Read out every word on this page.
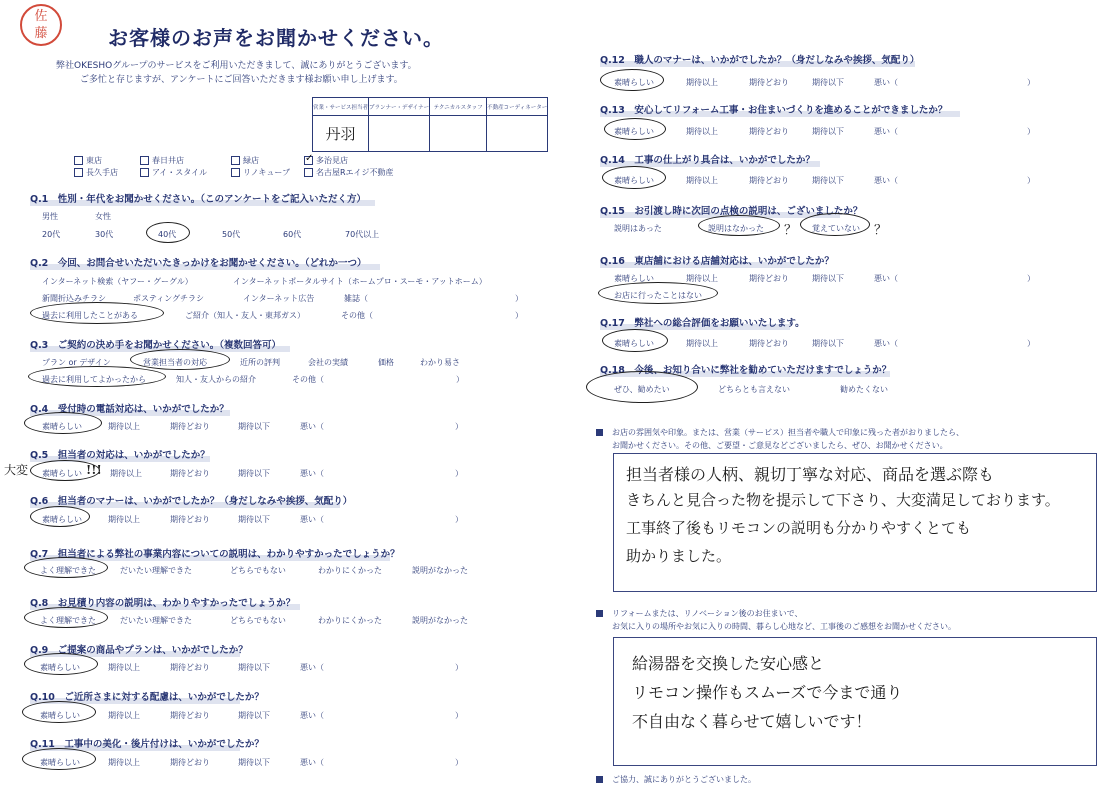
佐藤	お客様のお声をお聞かせください。
弊社OKESHOグループのサービスをご利用いただきまして、誠にありがとうございます。
ご多忙と存じますが、アンケートにご回答いただきます様お願い申し上げます。
営業・サービス担当者	プランナー・デザイナー	テクニカルスタッフ	不動産コーディネーター
丹羽			
東店	春日井店	緑店	✓ 多治見店
長久手店	アイ・スタイル	リノキューブ	名古屋Rエイジ不動産
Q.1　性別・年代をお聞かせください。（このアンケートをご記入いただく方）
男性	女性
20代	30代	40代	50代	60代	70代以上
Q.2　今回、お問合せいただいたきっかけをお聞かせください。（どれか一つ）
インターネット検索（ヤフー・グーグル）	インターネットポータルサイト（ホームプロ・スーモ・アットホーム）
新聞折込みチラシ	ポスティングチラシ	インターネット広告	雑誌（	）
過去に利用したことがある	ご紹介（知人・友人・東邦ガス）	その他（	）
Q.3　ご契約の決め手をお聞かせください。（複数回答可）
プラン or デザイン	営業担当者の対応	近所の評判	会社の実績	価格	わかり易さ
過去に利用してよかったから	知人・友人からの紹介	その他（	）
Q.4　受付時の電話対応は、いかがでしたか？
素晴らしい	期待以上	期待どおり	期待以下	悪い（	）
Q.5　担当者の対応は、いかがでしたか？
大変 素晴らしい !!! 期待以上	期待どおり	期待以下	悪い（	）
Q.6　担当者のマナーは、いかがでしたか？（身だしなみや挨拶、気配り）
素晴らしい	期待以上	期待どおり	期待以下	悪い（	）
Q.7　担当者による弊社の事業内容についての説明は、わかりやすかったでしょうか？
よく理解できた	だいたい理解できた	どちらでもない	わかりにくかった	説明がなかった
Q.8　お見積り内容の説明は、わかりやすかったでしょうか？
よく理解できた	だいたい理解できた	どちらでもない	わかりにくかった	説明がなかった
Q.9　ご提案の商品やプランは、いかがでしたか？
素晴らしい	期待以上	期待どおり	期待以下	悪い（	）
Q.10　ご近所さまに対する配慮は、いかがでしたか？
素晴らしい	期待以上	期待どおり	期待以下	悪い（	）
Q.11　工事中の美化・後片付けは、いかがでしたか？
素晴らしい	期待以上	期待どおり	期待以下	悪い（	）
Q.12　職人のマナーは、いかがでしたか？（身だしなみや挨拶、気配り）
素晴らしい	期待以上	期待どおり	期待以下	悪い（	）
Q.13　安心してリフォーム工事・お住まいづくりを進めることができましたか？
素晴らしい	期待以上	期待どおり	期待以下	悪い（	）
Q.14　工事の仕上がり具合は、いかがでしたか？
素晴らしい	期待以上	期待どおり	期待以下	悪い（	）
Q.15　お引渡し時に次回の点検の説明は、ございましたか？
説明はあった	説明はなかった ？ 覚えていない ？
Q.16　東店舗における店舗対応は、いかがでしたか？
素晴らしい	期待以上	期待どおり	期待以下	悪い（	）
お店に行ったことはない
Q.17　弊社への総合評価をお願いいたします。
素晴らしい	期待以上	期待どおり	期待以下	悪い（	）
Q.18　今後、お知り合いに弊社を勧めていただけますでしょうか？
ぜひ、勧めたい	どちらとも言えない	勧めたくない
お店の雰囲気や印象。または、営業（サービス）担当者や職人で印象に残った者がおりましたら、
お聞かせください。その他、ご要望・ご意見などございましたら、ぜひ、お聞かせください。
担当者様の人柄、親切丁寧な対応、商品を選ぶ際も
きちんと見合った物を提示して下さり、大変満足しております。
工事終了後もリモコンの説明も分かりやすくとても
助かりました。
リフォームまたは、リノベーション後のお住まいで、
お気に入りの場所やお気に入りの時間、暮らし心地など、工事後のご感想をお聞かせください。
給湯器を交換した安心感と
リモコン操作もスムーズで今まで通り
不自由なく暮らせて嬉しいです！
ご協力、誠にありがとうございました。
